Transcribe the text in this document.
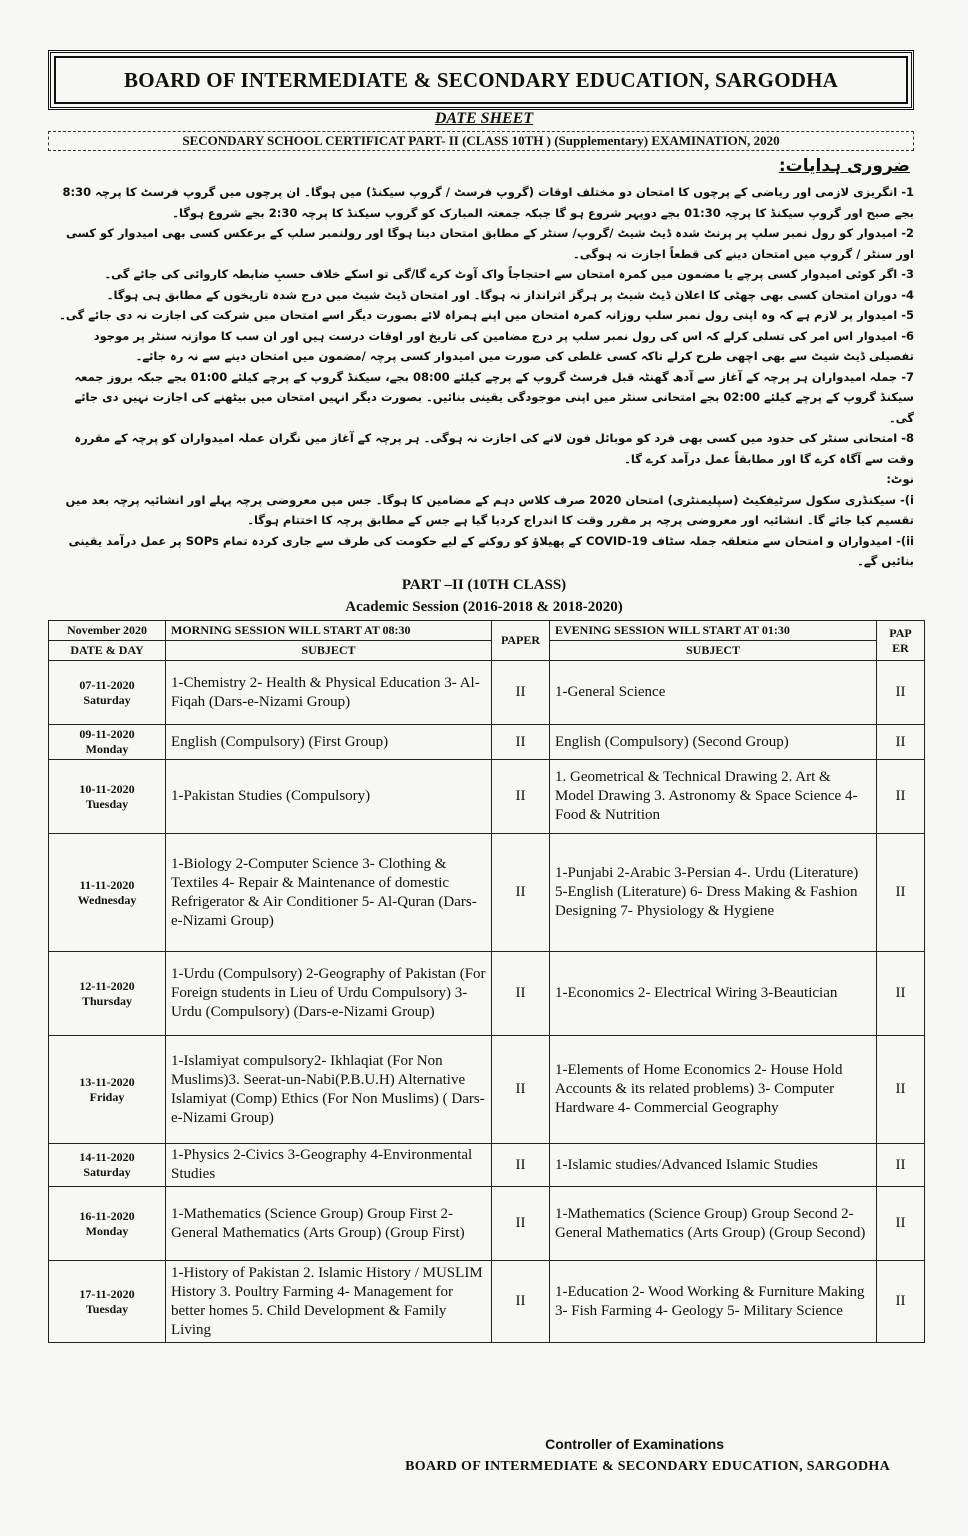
BOARD OF INTERMEDIATE & SECONDARY EDUCATION, SARGODHA
DATE SHEET
SECONDARY SCHOOL CERTIFICAT PART- II (CLASS 10TH ) (Supplementary) EXAMINATION, 2020
ضروری ہدایات:

1- انگریزی لازمی اور ریاضی کے پرچوں کا امتحان دو مختلف اوقات (گروپ فرسٹ / گروپ سیکنڈ) میں ہوگا۔ ان پرچوں میں گروپ فرسٹ کا پرچہ 8:30 بجے صبح اور گروپ سیکنڈ کا پرچہ 01:30 بجے دوپہر شروع ہو گا جبکہ جمعتہ المبارک کو گروپ سیکنڈ کا پرچہ 2:30 بجے شروع ہوگا۔

2- امیدوار کو رول نمبر سلپ پر پرنٹ شدہ ڈیٹ شیٹ /گروپ/ سنٹر کے مطابق امتحان دینا ہوگا اور رولنمبر سلپ کے برعکس کسی بھی امیدوار کو کسی اور سنٹر / گروپ میں امتحان دینے کی قطعاً اجازت نہ ہوگی۔

3- اگر کوئی امیدوار کسی پرچے یا مضمون میں کمرہ امتحان سے احتجاجاً واک آوٹ کرے گا/گی تو اسکے خلاف حسبِ ضابطہ کاروائی کی جائے گی۔

4- دوران امتحان کسی بھی چھٹی کا اعلان ڈیٹ شیٹ پر ہرگز اثرانداز نہ ہوگا۔ اور امتحان ڈیٹ شیٹ میں درج شدہ تاریخوں کے مطابق ہی ہوگا۔

5- امیدوار پر لازم ہے کہ وہ اپنی رول نمبر سلپ روزانہ کمرہ امتحان میں اپنے ہمراہ لائے بصورت دیگر اسے امتحان میں شرکت کی اجازت نہ دی جائے گی۔

6- امیدوار اس امر کی تسلی کرلے کہ اس کی رول نمبر سلپ پر درج مضامین کی تاریخ اور اوقات درست ہیں اور ان سب کا موازنہ سنٹر پر موجود تفصیلی ڈیٹ شیٹ سے بھی اچھی طرح کرلے تاکہ کسی غلطی کی صورت میں امیدوار کسی پرچہ /مضمون میں امتحان دینے سے نہ رہ جائے۔

7- جملہ امیدواران ہر پرچہ کے آغاز سے آدھ گھنٹہ قبل فرسٹ گروپ کے پرچے کیلئے 08:00 بجے، سیکنڈ گروپ کے پرچے کیلئے 01:00 بجے جبکہ بروز جمعہ سیکنڈ گروپ کے پرچے کیلئے 02:00 بجے امتحانی سنٹر میں اپنی موجودگی یقینی بنائیں۔ بصورت دیگر انہیں امتحان میں بیٹھنے کی اجازت نہیں دی جائے گی۔

8- امتحانی سنٹر کی حدود میں کسی بھی فرد کو موبائل فون لانے کی اجازت نہ ہوگی۔ ہر پرچہ کے آغاز میں نگران عملہ امیدواران کو پرچہ کے مقررہ وقت سے آگاہ کرے گا اور مطابقاً عمل درآمد کرے گا۔

نوٹ:

i)- سیکنڈری سکول سرٹیفکیٹ (سپلیمنٹری) امتحان 2020 صرف کلاس دہم کے مضامین کا ہوگا۔ جس میں معروضی پرچہ پہلے اور انشائیہ پرچہ بعد میں تقسیم کیا جائے گا۔ انشائیہ اور معروضی پرچہ پر مقرر وقت کا اندراج کردیا گیا ہے جس کے مطابق پرچہ کا اختتام ہوگا۔

ii)- امیدواران و امتحان سے متعلقہ جملہ سٹاف COVID-19 کے پھیلاؤ کو روکنے کے لیے حکومت کی طرف سے جاری کردہ تمام SOPs پر عمل درآمد یقینی بنائیں گے۔

PART –II (10TH CLASS)
Academic Session (2016-2018 & 2018-2020)
November 2020	MORNING SESSION WILL START AT 08:30	PAPER	EVENING SESSION WILL START AT 01:30	PAP ER
DATE & DAY	SUBJECT		SUBJECT	

07-11-2020
Saturday	1-Chemistry 2- Health & Physical Education 3- Al-Fiqah (Dars-e-Nizami Group)	II	1-General Science	II

09-11-2020
Monday	English (Compulsory) (First Group)	II	English (Compulsory) (Second Group)	II

10-11-2020
Tuesday	1-Pakistan Studies (Compulsory)	II	1. Geometrical & Technical Drawing 2. Art & Model Drawing 3. Astronomy & Space Science 4- Food & Nutrition	II

11-11-2020
Wednesday	1-Biology 2-Computer Science 3- Clothing & Textiles 4- Repair & Maintenance of domestic Refrigerator & Air Conditioner 5- Al-Quran (Dars-e-Nizami Group)	II	1-Punjabi 2-Arabic 3-Persian 4-. Urdu (Literature) 5-English (Literature) 6- Dress Making & Fashion Designing 7- Physiology & Hygiene	II

12-11-2020
Thursday	1-Urdu (Compulsory) 2-Geography of Pakistan (For Foreign students in Lieu of Urdu Compulsory) 3- Urdu (Compulsory) (Dars-e-Nizami Group)	II	1-Economics 2- Electrical Wiring 3-Beautician	II

13-11-2020
Friday	1-Islamiyat compulsory2- Ikhlaqiat (For Non Muslims)3. Seerat-un-Nabi(P.B.U.H) Alternative Islamiyat (Comp) Ethics (For Non Muslims) ( Dars-e-Nizami Group)	II	1-Elements of Home Economics 2- House Hold Accounts & its related problems) 3- Computer Hardware 4- Commercial Geography	II

14-11-2020
Saturday	1-Physics 2-Civics 3-Geography 4-Environmental Studies	II	1-Islamic studies/Advanced Islamic Studies	II

16-11-2020
Monday	1-Mathematics (Science Group) Group First 2-General Mathematics (Arts Group) (Group First)	II	1-Mathematics (Science Group) Group Second 2-General Mathematics (Arts Group) (Group Second)	II

17-11-2020
Tuesday	1-History of Pakistan 2. Islamic History / MUSLIM History 3. Poultry Farming 4- Management for better homes 5. Child Development & Family Living	II	1-Education 2- Wood Working & Furniture Making 3- Fish Farming 4- Geology 5- Military Science	II
Controller of Examinations
BOARD OF INTERMEDIATE & SECONDARY EDUCATION, SARGODHA
